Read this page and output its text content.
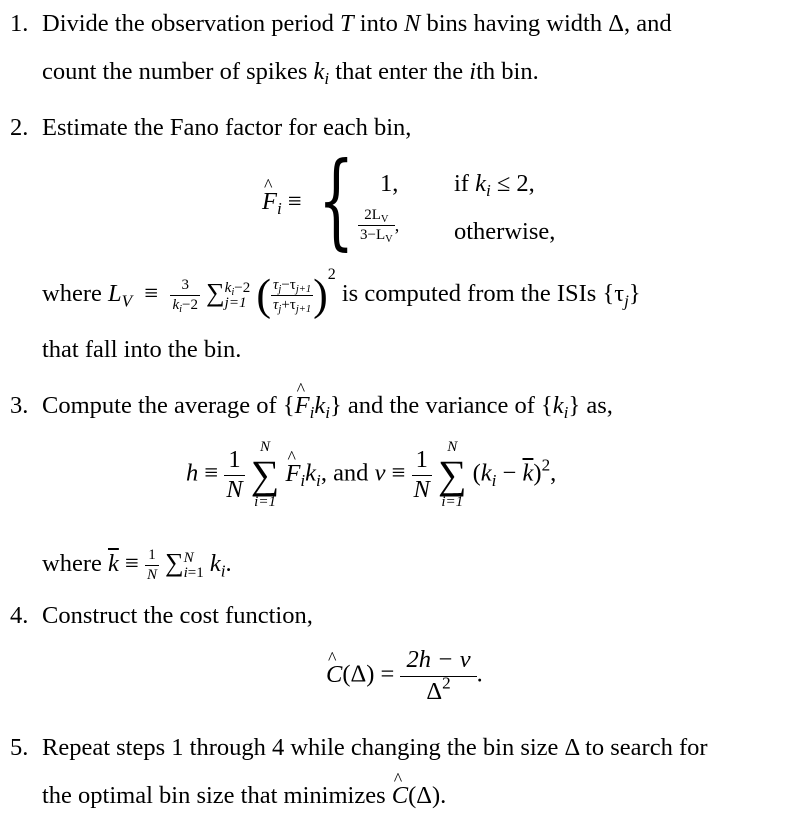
1. Divide the observation period T into N bins having width Δ, and
count the number of spikes $k_i$ that enter the ith bin.
2. Estimate the Fano factor for each bin,
^ $F_i$ ≡ { 1, if $k_i \le 2$,
$\frac{2L_V}{3-L_V}$ , otherwise,
where $L_V \equiv \frac{3}{k_i-2}$ ∑ $k_i-2$
j=1 ( $\frac{\tau_j-\tau_{j+1}}{\tau_j+\tau_{j+1}} )^2$ is computed from the ISIs $\{\tau_j\}$
that fall into the bin.
3. Compute the average of {^ $F_ik_i$} and the variance of $\{k_i\}$ as,
$h \equiv \frac{1}{N}$

N
∑
i=1
^ $F_ik_i$, and $v \equiv \frac{1}{N}$

N
∑
i=1
$(k_i - \overline{k})^2$,
where $\overline{k} \equiv \frac{1}{N}$ ∑ N
i=1 $k_i$.
4. Construct the cost function,
^ $C(\Delta) = \frac{2h - v}{\Delta^2}$ .
5. Repeat steps 1 through 4 while changing the bin size Δ to search for
the optimal bin size that minimizes ^ C(Δ).
